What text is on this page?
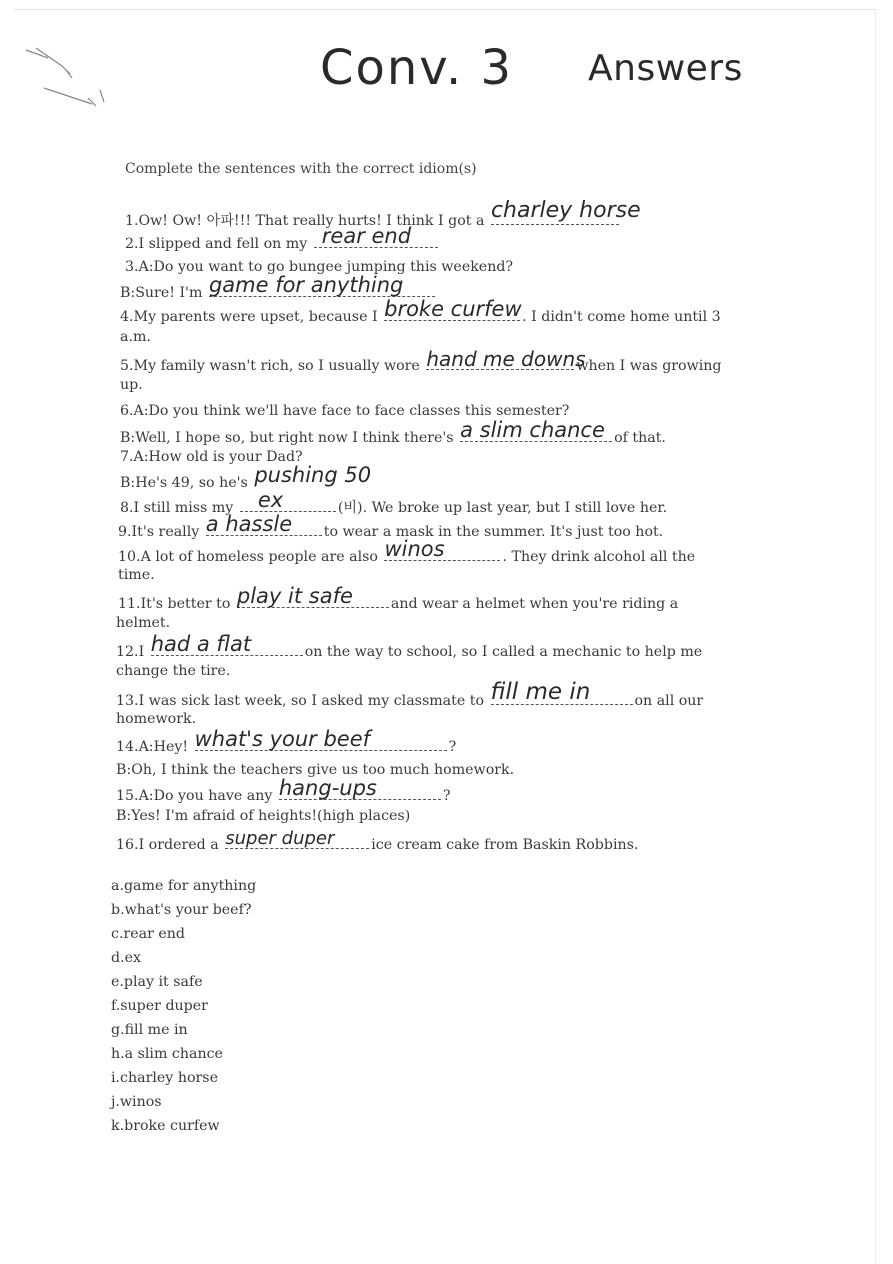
Conv. 3 Answers
Complete the sentences with the correct idiom(s)
1.Ow! Ow! 아파!!! That really hurts! I think I got a charley horse
2.I slipped and fell on my rear end
3.A:Do you want to go bungee jumping this weekend?
B:Sure! I'm game for anything
4.My parents were upset, because I broke curfew . I didn't come home until 3
a.m.
5.My family wasn't rich, so I usually wore hand me downs
when I was growing
up.
6.A:Do you think we'll have face to face classes this semester?
B:Well, I hope so, but right now I think there's a slim chance of that.
7.A:How old is your Dad?
B:He's 49, so he's pushing 50
8.I still miss my ex	(비). We broke up last year, but I still love her.
9.It's really a hassle to wear a mask in the summer. It's just too hot.
10.A lot of homeless people are also winos	. They drink alcohol all the
time.
11.It's better to play it safe	and wear a helmet when you're riding a
helmet.
12.I had a flat	on the way to school, so I called a mechanic to help me
change the tire.
13.I was sick last week, so I asked my classmate to fill me in	on all our
homework.
14.A:Hey! what's your beef	?
B:Oh, I think the teachers give us too much homework.
15.A:Do you have any hang-ups	?
B:Yes! I'm afraid of heights!(high places)
16.I ordered a super duper	ice cream cake from Baskin Robbins.
a.game for anything
b.what's your beef?
c.rear end
d.ex
e.play it safe
f.super duper
g.fill me in
h.a slim chance
i.charley horse
j.winos
k.broke curfew
